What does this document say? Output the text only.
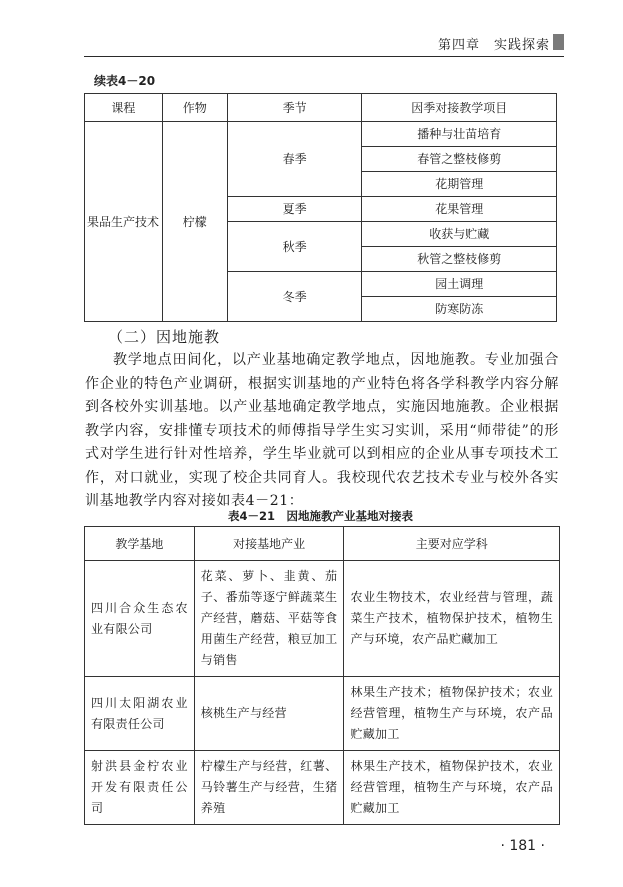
第四章　实践探索
续表4－20
课程	作物	季节	因季对接教学项目
果品生产技术	柠檬	春季	播种与壮苗培育
			春管之整枝修剪
			花期管理
		夏季	花果管理
		秋季	收获与贮藏
			秋管之整枝修剪
		冬季	园土调理
			防寒防冻
（二）因地施教

教学地点田间化，以产业基地确定教学地点，因地施教。专业加强合作企业的特色产业调研，根据实训基地的产业特色将各学科教学内容分解到各校外实训基地。以产业基地确定教学地点，实施因地施教。企业根据教学内容，安排懂专项技术的师傅指导学生实习实训，采用“师带徒”的形式对学生进行针对性培养，学生毕业就可以到相应的企业从事专项技术工作，对口就业，实现了校企共同育人。我校现代农艺技术专业与校外各实训基地教学内容对接如表4－21：

表4－21　因地施教产业基地对接表
教学基地	对接基地产业	主要对应学科
四川合众生态农业有限公司	花菜、萝卜、韭黄、茄子、番茄等逐宁鲜蔬菜生产经营，蘑菇、平菇等食用菌生产经营，粮豆加工与销售	农业生物技术，农业经营与管理，蔬菜生产技术，植物保护技术，植物生产与环境，农产品贮藏加工
四川太阳湖农业有限责任公司	核桃生产与经营	林果生产技术；植物保护技术；农业经营管理，植物生产与环境，农产品贮藏加工
射洪县金柠农业开发有限责任公司	柠檬生产与经营，红薯、马铃薯生产与经营，生猪养殖	林果生产技术，植物保护技术，农业经营管理，植物生产与环境，农产品贮藏加工
· 181 ·
